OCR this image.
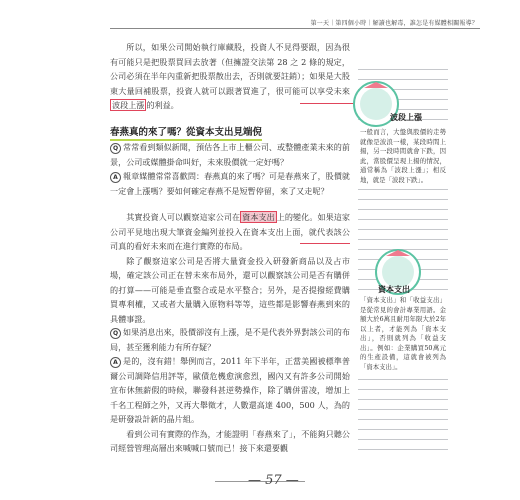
第一天｜第四個小時｜解讀也解毒，誰怎是有媒體相關報導？

所以，如果公司開始執行庫藏股，投資人不見得要跟，因為很有可能只是把股票買回去放著（但擁證交法第 28 之 2 條的規定，公司必須在半年內重新把股票散出去，否則就要註銷）；如果是大股東大量回補股票，投資人就可以跟著買進了，很可能可以享受未來波段上漲 的利益。

春燕真的來了嗎？從資本支出見端倪

Q 常常看到類似新聞，預估各上市上櫃公司、或整體產業未來的前景，公司或媒體掛命叫好，未來股價就一定好嗎？

A 報章媒體常常喜歡問：春燕真的來了嗎？可是春燕來了，股價就一定會上漲嗎？要如何確定春燕不是短暫停留，來了又走呢？

其實投資人可以觀察這家公司在 資本支出 上的變化。如果這家公司平見地出現大筆資金編列並投入在資本支出上面，就代表該公司真的看好未來而在進行實際的布局。

除了觀察這家公司是否將大量資金投入研發新商品以及占市場，確定該公司正在替未來布局外，還可以觀察該公司是否有購併的打算——可能是垂直整合或是水平整合；另外，是否提撥經費購買專利權，又或者大量購入原物料等等，這些都是影響春燕到來的具體事證。

Q 如果消息出來，股價卻沒有上漲，是不是代表外界對該公司的布局，甚至獲利能力有所存疑？

A 是的，沒有錯！舉例而言，2011 年下半年，正當美國被標準普爾公司調降信用評等，歐債危機愈演愈烈，國內又有許多公司開始宣布休無薪假的時候，聯發科甚逆勢操作，除了購併雷凌，增加上千名工程師之外，又再大舉徵才，人數還高達 400，500 人，為的是研發設計新的晶片組。

看到公司有實際的作為，才能證明「春燕來了」，不能夠只聽公司經營管理高層出來喊喊口號而已！接下來還要觀

波段上漲
一般而言，大盤與股價的走勢就像是波浪一樣，某段時間上揚，另一段時間就會下跌，因此，當股價呈現上揚的情況，通常稱為「波段上漲」；相反地，就是「波段下跌」。
資本支出
「資本支出」和「收益支出」是從常見的會計專業用語。金額大於6萬且耐用年限大於2年以上者，才能列為「資本支出」，否則就列為「收益支出」。例如：企業購買50萬元的生產設備，這就會被列為「資本支出」。
— 57 —
